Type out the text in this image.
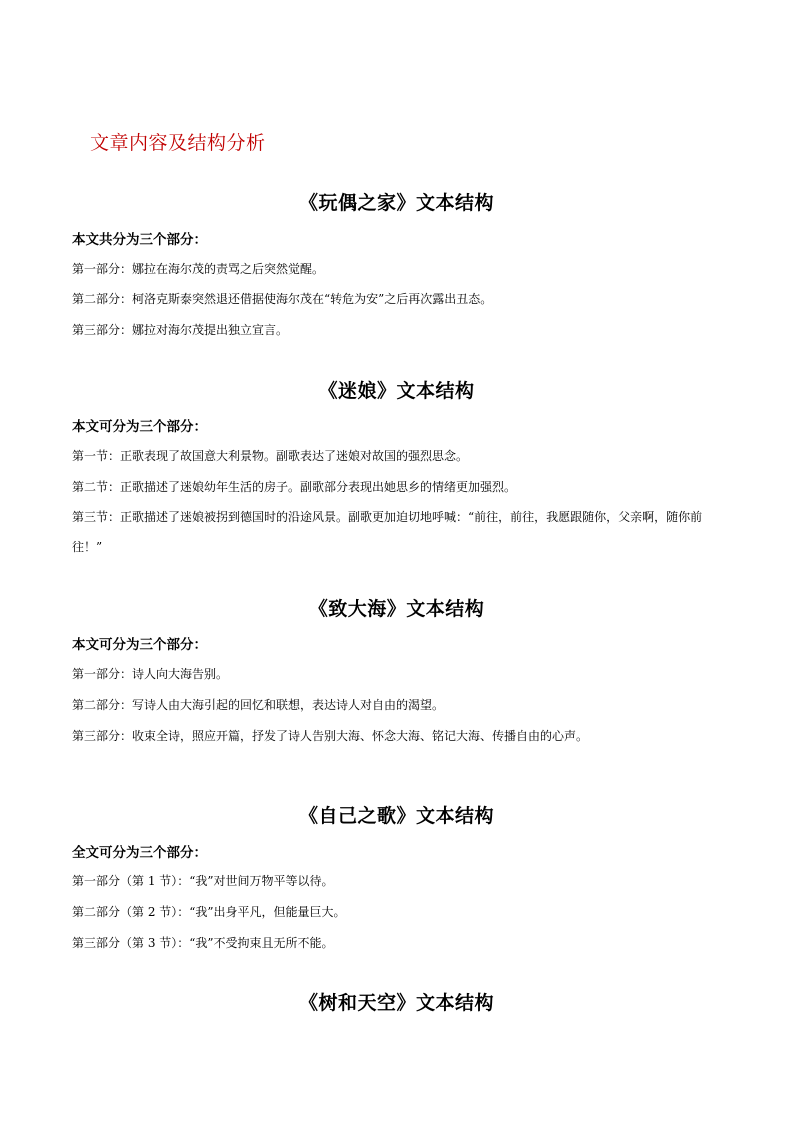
文章内容及结构分析
《玩偶之家》文本结构
本文共分为三个部分：
第一部分：娜拉在海尔茂的责骂之后突然觉醒。
第二部分：柯洛克斯泰突然退还借据使海尔茂在“转危为安”之后再次露出丑态。
第三部分：娜拉对海尔茂提出独立宣言。
《迷娘》文本结构
本文可分为三个部分：
第一节：正歌表现了故国意大利景物。副歌表达了迷娘对故国的强烈思念。
第二节：正歌描述了迷娘幼年生活的房子。副歌部分表现出她思乡的情绪更加强烈。
第三节：正歌描述了迷娘被拐到德国时的沿途风景。副歌更加迫切地呼喊：“前往，前往，我愿跟随你，父亲啊，随你前往！”
《致大海》文本结构
本文可分为三个部分：
第一部分：诗人向大海告别。
第二部分：写诗人由大海引起的回忆和联想，表达诗人对自由的渴望。
第三部分：收束全诗，照应开篇，抒发了诗人告别大海、怀念大海、铭记大海、传播自由的心声。
《自己之歌》文本结构
全文可分为三个部分：
第一部分（第 1 节）：“我”对世间万物平等以待。
第二部分（第 2 节）：“我”出身平凡，但能量巨大。
第三部分（第 3 节）：“我”不受拘束且无所不能。
《树和天空》文本结构
